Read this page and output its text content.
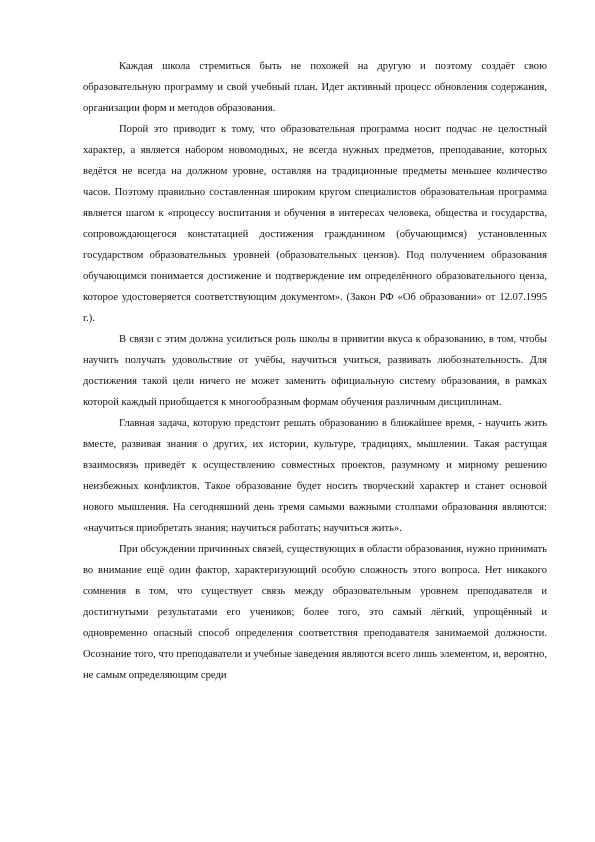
Каждая школа стремиться быть не похожей на другую и поэтому создаёт свою образовательную программу и свой учебный план. Идет активный процесс обновления содержания, организации форм и методов образования.

Порой это приводит к тому, что образовательная программа носит подчас не целостный характер, а является набором новомодных, не всегда нужных предметов, преподавание, которых ведётся не всегда на должном уровне, оставляя на традиционные предметы меньшее количество часов. Поэтому правильно составленная широким кругом специалистов образовательная программа является шагом к «процессу воспитания и обучения в интересах человека, общества и государства, сопровождающегося констатацией достижения гражданином (обучающимся) установленных государством образовательных уровней (образовательных цензов). Под получением образования обучающимся понимается достижение и подтверждение им определённого образовательного ценза, которое удостоверяется соответствующим документом». (Закон РФ «Об образовании» от 12.07.1995 г.).

В связи с этим должна усилиться роль школы в привитии вкуса к образованию, в том, чтобы научить получать удовольствие от учёбы, научиться учиться, развивать любознательность. Для достижения такой цели ничего не может заменить официальную систему образования, в рамках которой каждый приобщается к многообразным формам обучения различным дисциплинам.

Главная задача, которую предстоит решать образованию в ближайшее время, - научить жить вместе, развивая знания о других, их истории, культуре, традициях, мышлении. Такая растущая взаимосвязь приведёт к осуществлению совместных проектов, разумному и мирному решению неизбежных конфликтов. Такое образование будет носить творческий характер и станет основой нового мышления. На сегодняшний день тремя самыми важными столпами образования являются: «научиться приобретать знания; научиться работать; научиться жить».

При обсуждении причинных связей, существующих в области образования, нужно принимать во внимание ещё один фактор, характеризующий особую сложность этого вопроса. Нет никакого сомнения в том, что существует связь между образовательным уровнем преподавателя и достигнутыми результатами его учеников; более того, это самый лёгкий, упрощённый и одновременно опасный способ определения соответствия преподавателя занимаемой должности. Осознание того, что преподаватели и учебные заведения являются всего лишь элементом, и, вероятно, не самым определяющим среди
